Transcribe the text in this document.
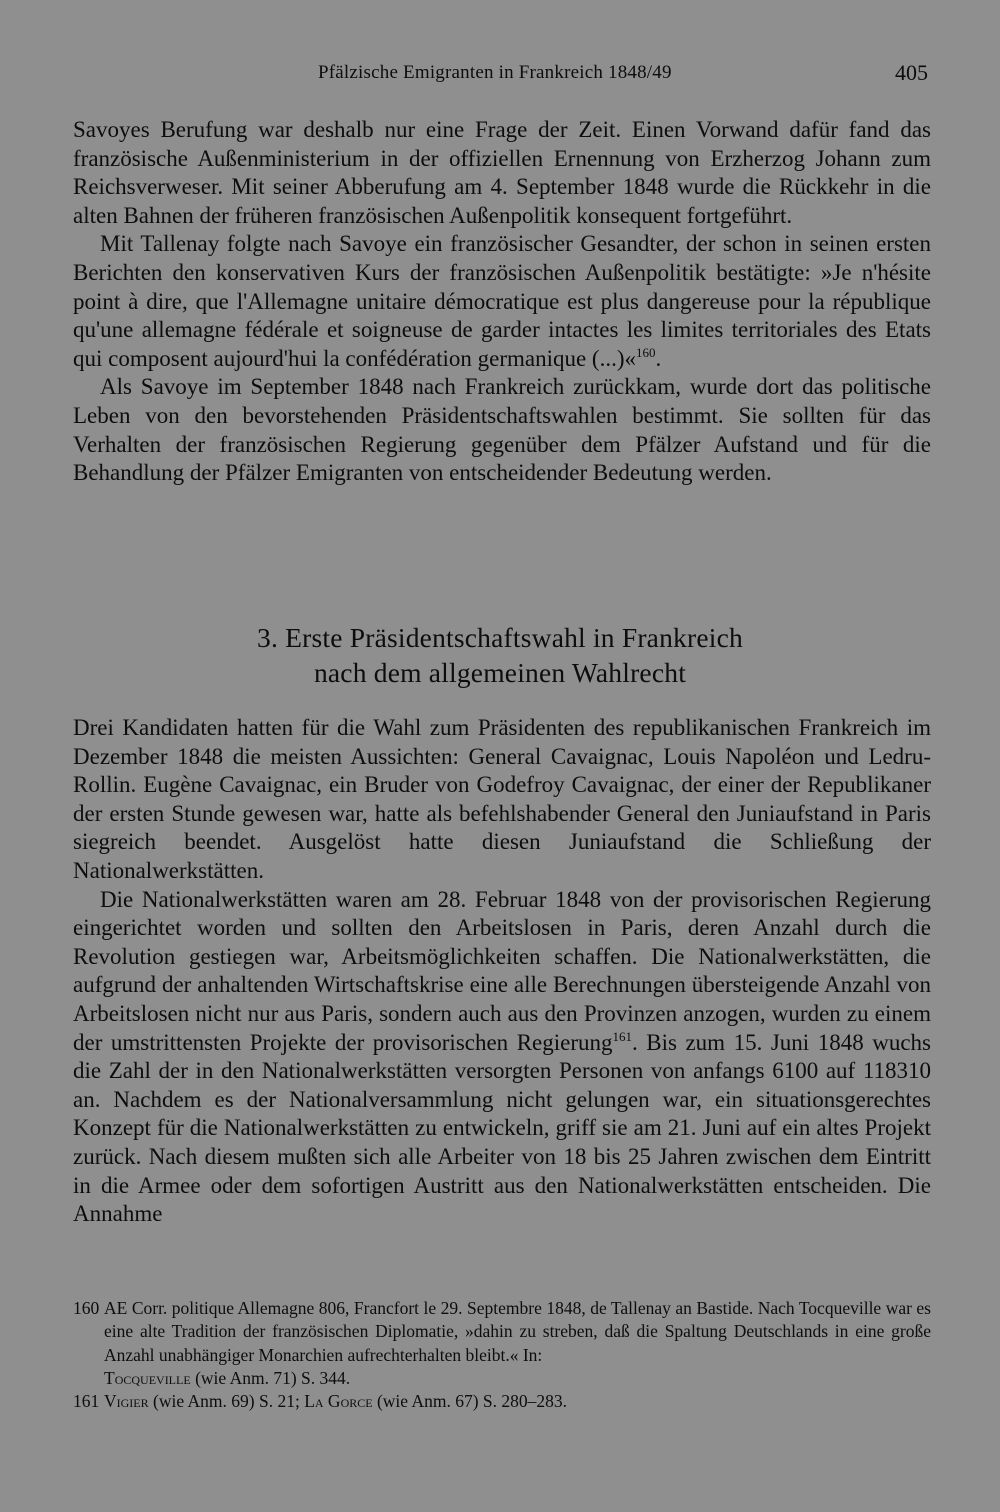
Pfälzische Emigranten in Frankreich 1848/49	405

Savoyes Berufung war deshalb nur eine Frage der Zeit. Einen Vorwand dafür fand das französische Außenministerium in der offiziellen Ernennung von Erzherzog Johann zum Reichsverweser. Mit seiner Abberufung am 4. September 1848 wurde die Rückkehr in die alten Bahnen der früheren französischen Außenpolitik konsequent fortgeführt.

Mit Tallenay folgte nach Savoye ein französischer Gesandter, der schon in seinen ersten Berichten den konservativen Kurs der französischen Außenpolitik bestätigte: »Je n'hésite point à dire, que l'Allemagne unitaire démocratique est plus dangereuse pour la république qu'une allemagne fédérale et soigneuse de garder intactes les limites territoriales des Etats qui composent aujourd'hui la confédération germanique (...)«$^{160}$.

Als Savoye im September 1848 nach Frankreich zurückkam, wurde dort das politische Leben von den bevorstehenden Präsidentschaftswahlen bestimmt. Sie sollten für das Verhalten der französischen Regierung gegenüber dem Pfälzer Aufstand und für die Behandlung der Pfälzer Emigranten von entscheidender Bedeutung werden.

3. Erste Präsidentschaftswahl in Frankreich
nach dem allgemeinen Wahlrecht

Drei Kandidaten hatten für die Wahl zum Präsidenten des republikanischen Frankreich im Dezember 1848 die meisten Aussichten: General Cavaignac, Louis Napoléon und Ledru-Rollin. Eugène Cavaignac, ein Bruder von Godefroy Cavaignac, der einer der Republikaner der ersten Stunde gewesen war, hatte als befehlshabender General den Juniaufstand in Paris siegreich beendet. Ausgelöst hatte diesen Juniaufstand die Schließung der Nationalwerkstätten.

Die Nationalwerkstätten waren am 28. Februar 1848 von der provisorischen Regierung eingerichtet worden und sollten den Arbeitslosen in Paris, deren Anzahl durch die Revolution gestiegen war, Arbeitsmöglichkeiten schaffen. Die Nationalwerkstätten, die aufgrund der anhaltenden Wirtschaftskrise eine alle Berechnungen übersteigende Anzahl von Arbeitslosen nicht nur aus Paris, sondern auch aus den Provinzen anzogen, wurden zu einem der umstrittensten Projekte der provisorischen Regierung$^{161}$. Bis zum 15. Juni 1848 wuchs die Zahl der in den Nationalwerkstätten versorgten Personen von anfangs 6100 auf 118310 an. Nachdem es der Nationalversammlung nicht gelungen war, ein situationsgerechtes Konzept für die Nationalwerkstätten zu entwickeln, griff sie am 21. Juni auf ein altes Projekt zurück. Nach diesem mußten sich alle Arbeiter von 18 bis 25 Jahren zwischen dem Eintritt in die Armee oder dem sofortigen Austritt aus den Nationalwerkstätten entscheiden. Die Annahme

160 AE Corr. politique Allemagne 806, Francfort le 29. Septembre 1848, de Tallenay an Bastide. Nach Tocqueville war es eine alte Tradition der französischen Diplomatie, »dahin zu streben, daß die Spaltung Deutschlands in eine große Anzahl unabhängiger Monarchien aufrechterhalten bleibt.« In:
Tocqueville (wie Anm. 71) S. 344.
161 Vigier (wie Anm. 69) S. 21; La Gorce (wie Anm. 67) S. 280–283.
